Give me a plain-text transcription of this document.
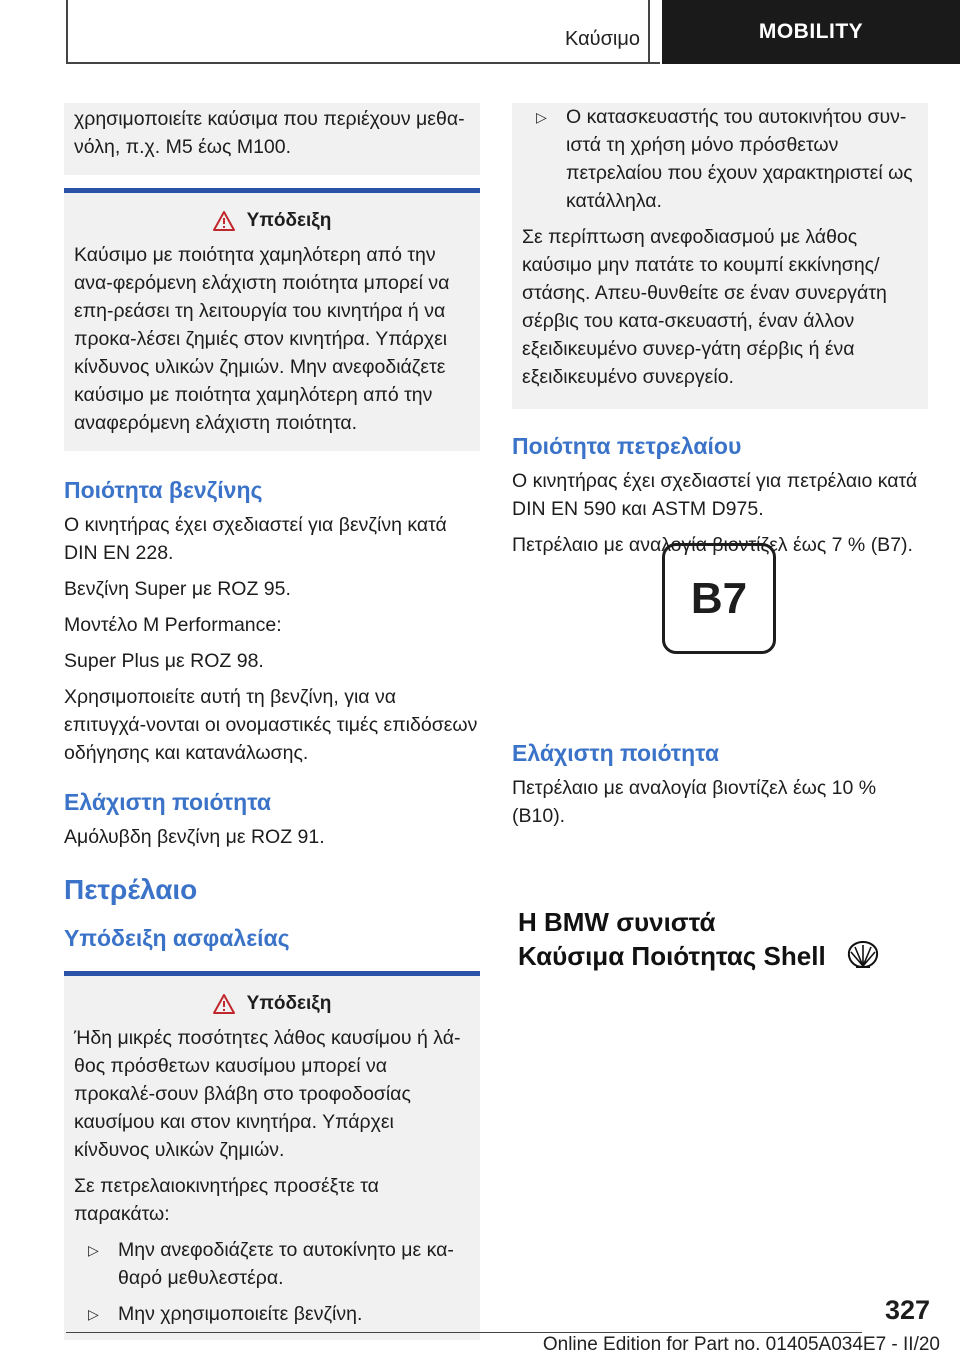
Καύσιμο	MOBILITY

χρησιμοποιείτε καύσιμα που περιέχουν μεθα-νόλη, π.χ. M5 έως M100.

Υπόδειξη

Καύσιμο με ποιότητα χαμηλότερη από την ανα-φερόμενη ελάχιστη ποιότητα μπορεί να επη-ρεάσει τη λειτουργία του κινητήρα ή να προκα-λέσει ζημιές στον κινητήρα. Υπάρχει κίνδυνος υλικών ζημιών. Μην ανεφοδιάζετε καύσιμο με ποιότητα χαμηλότερη από την αναφερόμενη ελάχιστη ποιότητα.

Ποιότητα βενζίνης

Ο κινητήρας έχει σχεδιαστεί για βενζίνη κατά DIN EN 228.

Βενζίνη Super με ROZ 95.

Μοντέλο M Performance:

Super Plus με ROZ 98.

Χρησιμοποιείτε αυτή τη βενζίνη, για να επιτυγχά-νονται οι ονομαστικές τιμές επιδόσεων οδήγησης και κατανάλωσης.

Ελάχιστη ποιότητα

Αμόλυβδη βενζίνη με ROZ 91.

Πετρέλαιο
Υπόδειξη ασφαλείας
Υπόδειξη

Ήδη μικρές ποσότητες λάθος καυσίμου ή λά-θος πρόσθετων καυσίμου μπορεί να προκαλέ-σουν βλάβη στο τροφοδοσίας καυσίμου και στον κινητήρα. Υπάρχει κίνδυνος υλικών ζημιών.

Σε πετρελαιοκινητήρες προσέξτε τα παρακάτω:

▷ Μην ανεφοδιάζετε το αυτοκίνητο με κα-θαρό μεθυλεστέρα.
▷ Μην χρησιμοποιείτε βενζίνη.
▷ Ο κατασκευαστής του αυτοκινήτου συν-ιστά τη χρήση μόνο πρόσθετων πετρελαίου που έχουν χαρακτηριστεί ως κατάλληλα.

Σε περίπτωση ανεφοδιασμού με λάθος καύσιμο μην πατάτε το κουμπί εκκίνησης/στάσης. Απευ-θυνθείτε σε έναν συνεργάτη σέρβις του κατα-σκευαστή, έναν άλλον εξειδικευμένο συνερ-γάτη σέρβις ή ένα εξειδικευμένο συνεργείο.

Ποιότητα πετρελαίου

Ο κινητήρας έχει σχεδιαστεί για πετρέλαιο κατά DIN EN 590 και ASTM D975.

Πετρέλαιο με αναλογία βιοντίζελ έως 7 % (B7).

B7
Ελάχιστη ποιότητα

Πετρέλαιο με αναλογία βιοντίζελ έως 10 % (B10).

H BMW συνιστά
Καύσιμα Ποιότητας Shell
327
Online Edition for Part no. 01405A034E7 - II/20
